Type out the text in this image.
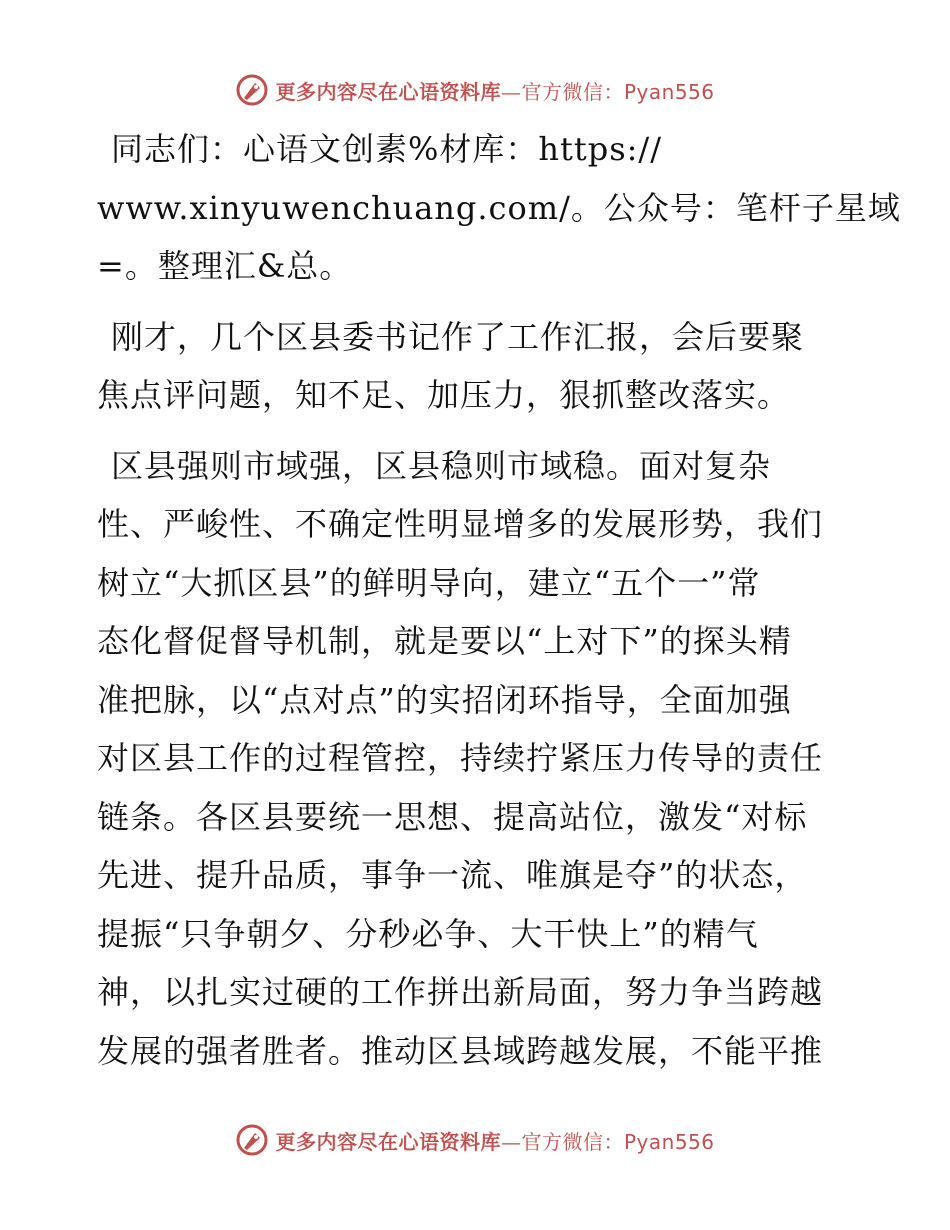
更多内容尽在心语资料库—官方微信：Pyan556

同志们：心语文创素%材库：https://
www.xinyuwenchuang.com/。公众号：笔杆子星域
=。整理汇&总。

刚才，几个区县委书记作了工作汇报，会后要聚
焦点评问题，知不足、加压力，狠抓整改落实。

区县强则市域强，区县稳则市域稳。面对复杂
性、严峻性、不确定性明显增多的发展形势，我们
树立“大抓区县”的鲜明导向，建立“五个一”常
态化督促督导机制，就是要以“上对下”的探头精
准把脉，以“点对点”的实招闭环指导，全面加强
对区县工作的过程管控，持续拧紧压力传导的责任
链条。各区县要统一思想、提高站位，激发“对标
先进、提升品质，事争一流、唯旗是夺”的状态，
提振“只争朝夕、分秒必争、大干快上”的精气
神，以扎实过硬的工作拼出新局面，努力争当跨越
发展的强者胜者。推动区县域跨越发展，不能平推

更多内容尽在心语资料库—官方微信：Pyan556
